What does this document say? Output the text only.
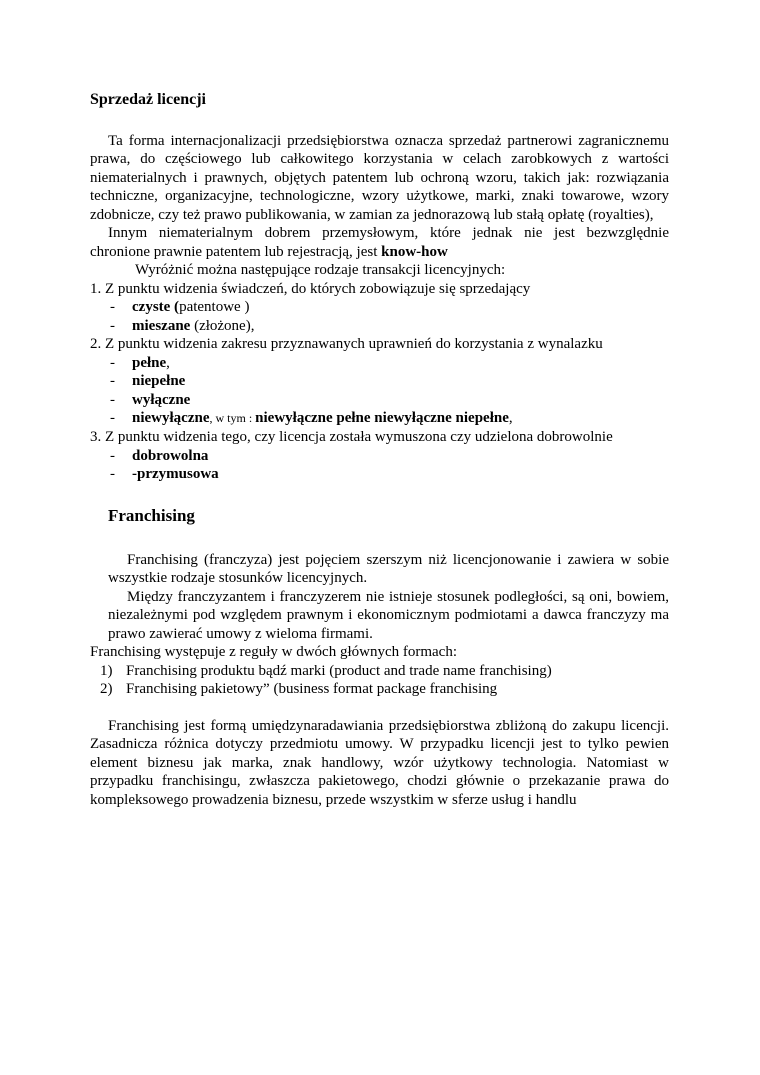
Sprzedaż licencji

Ta forma internacjonalizacji przedsiębiorstwa oznacza sprzedaż partnerowi zagranicznemu prawa, do częściowego lub całkowitego korzystania w celach zarobkowych z wartości niematerialnych i prawnych, objętych patentem lub ochroną wzoru, takich jak: rozwiązania techniczne, organizacyjne, technologiczne, wzory użytkowe, marki, znaki towarowe, wzory zdobnicze, czy też prawo publikowania, w zamian za jednorazową lub stałą opłatę (royalties),

Innym niematerialnym dobrem przemysłowym, które jednak nie jest bezwzględnie chronione prawnie patentem lub rejestracją, jest know-how

Wyróżnić można następujące rodzaje transakcji licencyjnych:

1. Z punktu widzenia świadczeń, do których zobowiązuje się sprzedający

-	czyste (patentowe )
-	mieszane (złożone),

2. Z punktu widzenia zakresu przyznawanych uprawnień do korzystania z wynalazku

-	pełne,
-	niepełne
-	wyłączne
-	niewyłączne, w tym : niewyłączne pełne niewyłączne niepełne,

3. Z punktu widzenia tego, czy licencja została wymuszona czy udzielona dobrowolnie

-	dobrowolna
-	-przymusowa
Franchising

Franchising (franczyza) jest pojęciem szerszym niż licencjonowanie i zawiera w sobie wszystkie rodzaje stosunków licencyjnych.

Między franczyzantem i franczyzerem nie istnieje stosunek podległości, są oni, bowiem, niezależnymi pod względem prawnym i ekonomicznym podmiotami a dawca franczyzy ma prawo zawierać umowy z wieloma firmami.

Franchising występuje z reguły w dwóch głównych formach:

1) Franchising produktu bądź marki (product and trade name franchising)
2) Franchising pakietowy” (business format package franchising

Franchising jest formą umiędzynaradawiania przedsiębiorstwa zbliżoną do zakupu licencji. Zasadnicza różnica dotyczy przedmiotu umowy. W przypadku licencji jest to tylko pewien element biznesu jak marka, znak handlowy, wzór użytkowy technologia. Natomiast w przypadku franchisingu, zwłaszcza pakietowego, chodzi głównie o przekazanie prawa do kompleksowego prowadzenia biznesu, przede wszystkim w sferze usług i handlu
